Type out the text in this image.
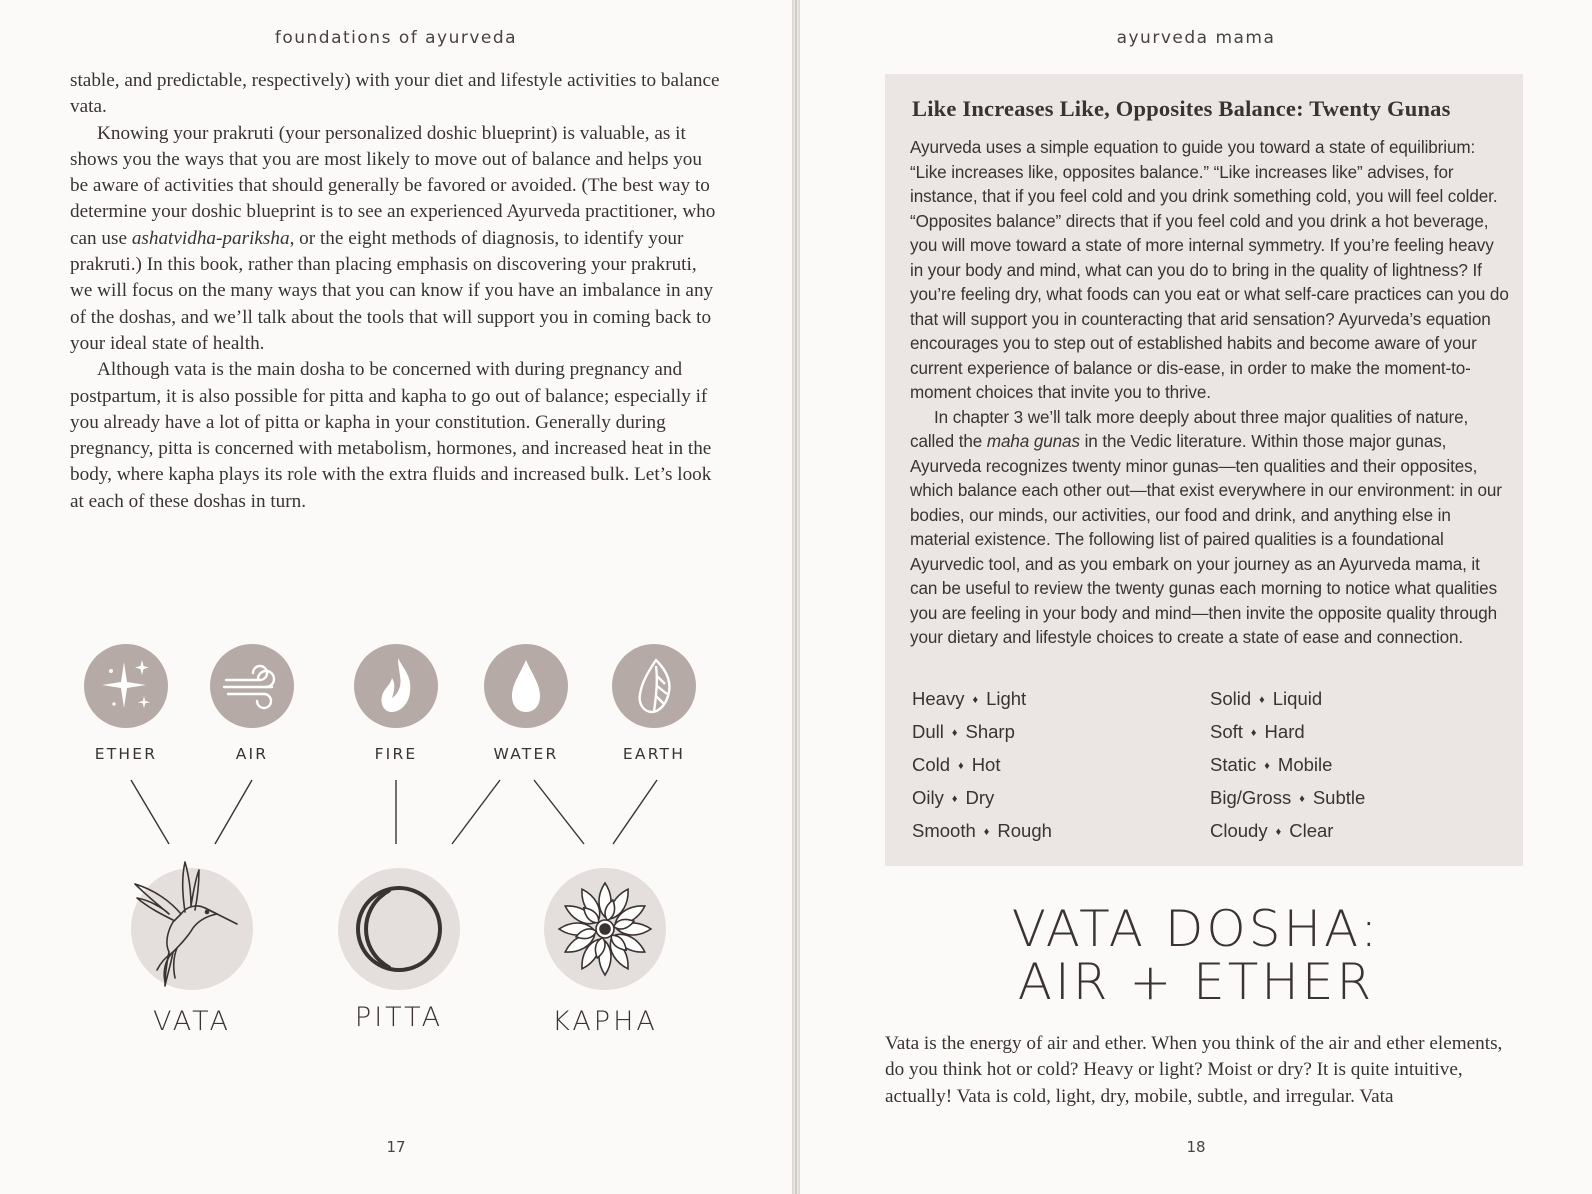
foundations of ayurveda

stable, and predictable, respectively) with your diet and lifestyle activities to balance vata.

Knowing your prakruti (your personalized doshic blueprint) is valuable, as it shows you the ways that you are most likely to move out of balance and helps you be aware of activities that should generally be favored or avoided. (The best way to determine your doshic blueprint is to see an experienced Ayurveda practitioner, who can use ashatvidha-pariksha, or the eight methods of diagnosis, to identify your prakruti.) In this book, rather than placing emphasis on discovering your prakruti, we will focus on the many ways that you can know if you have an imbalance in any of the doshas, and we’ll talk about the tools that will support you in coming back to your ideal state of health.

Although vata is the main dosha to be concerned with during pregnancy and postpartum, it is also possible for pitta and kapha to go out of balance; especially if you already have a lot of pitta or kapha in your constitution. Generally during pregnancy, pitta is concerned with metabolism, hormones, and increased heat in the body, where kapha plays its role with the extra fluids and increased bulk. Let’s look at each of these doshas in turn.

ETHER	AIR	FIRE	WATER	EARTH
VATA	PITTA	KAPHA
17
ayurveda mama
Like Increases Like, Opposites Balance: Twenty Gunas

Ayurveda uses a simple equation to guide you toward a state of equilibrium: “Like increases like, opposites balance.” “Like increases like” advises, for instance, that if you feel cold and you drink something cold, you will feel colder. “Opposites balance” directs that if you feel cold and you drink a hot beverage, you will move toward a state of more internal symmetry. If you’re feeling heavy in your body and mind, what can you do to bring in the quality of lightness? If you’re feeling dry, what foods can you eat or what self-care practices can you do that will support you in counteracting that arid sensation? Ayurveda’s equation encourages you to step out of established habits and become aware of your current experience of balance or dis-ease, in order to make the moment-to-moment choices that invite you to thrive.

In chapter 3 we’ll talk more deeply about three major qualities of nature, called the maha gunas in the Vedic literature. Within those major gunas, Ayurveda recognizes twenty minor gunas—ten qualities and their opposites, which balance each other out—that exist everywhere in our environment: in our bodies, our minds, our activities, our food and drink, and anything else in material existence. The following list of paired qualities is a foundational Ayurvedic tool, and as you embark on your journey as an Ayurveda mama, it can be useful to review the twenty gunas each morning to notice what qualities you are feeling in your body and mind—then invite the opposite quality through your dietary and lifestyle choices to create a state of ease and connection.

Heavy ♦ Light
Dull ♦ Sharp
Cold ♦ Hot
Oily ♦ Dry
Smooth ♦ Rough
Solid ♦ Liquid
Soft ♦ Hard
Static ♦ Mobile
Big/Gross ♦ Subtle
Cloudy ♦ Clear
VATA DOSHA:
AIR + ETHER

Vata is the energy of air and ether. When you think of the air and ether elements, do you think hot or cold? Heavy or light? Moist or dry? It is quite intuitive, actually! Vata is cold, light, dry, mobile, subtle, and irregular. Vata

18
